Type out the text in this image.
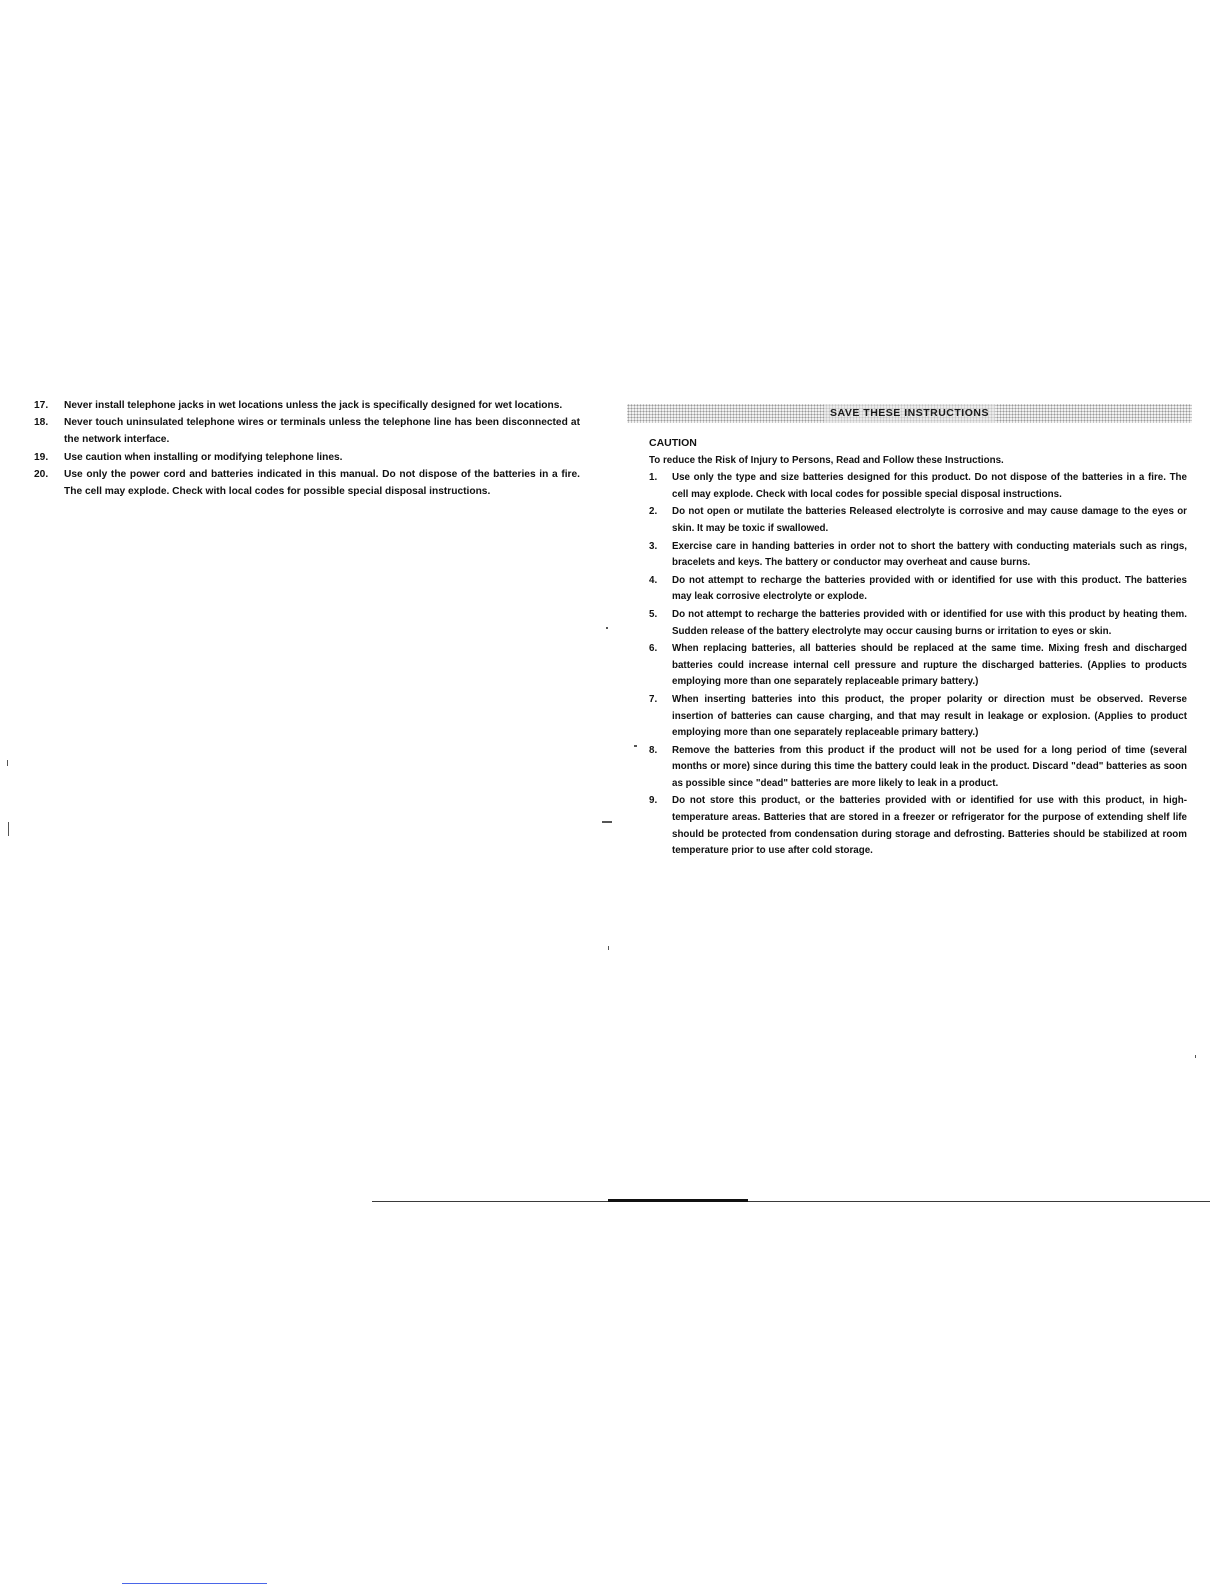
17. Never install telephone jacks in wet locations unless the jack is specifically designed for wet locations.
18. Never touch uninsulated telephone wires or terminals unless the telephone line has been disconnected at the network interface.
19. Use caution when installing or modifying telephone lines.
20. Use only the power cord and batteries indicated in this manual. Do not dispose of the batteries in a fire. The cell may explode. Check with local codes for possible special disposal instructions.
SAVE THESE INSTRUCTIONS
CAUTION
To reduce the Risk of Injury to Persons, Read and Follow these Instructions.
1. Use only the type and size batteries designed for this product. Do not dispose of the batteries in a fire. The cell may explode. Check with local codes for possible special disposal instructions.
2. Do not open or mutilate the batteries Released electrolyte is corrosive and may cause damage to the eyes or skin. It may be toxic if swallowed.
3. Exercise care in handing batteries in order not to short the battery with conducting materials such as rings, bracelets and keys. The battery or conductor may overheat and cause burns.
4. Do not attempt to recharge the batteries provided with or identified for use with this product. The batteries may leak corrosive electrolyte or explode.
5. Do not attempt to recharge the batteries provided with or identified for use with this product by heating them. Sudden release of the battery electrolyte may occur causing burns or irritation to eyes or skin.
6. When replacing batteries, all batteries should be replaced at the same time. Mixing fresh and discharged batteries could increase internal cell pressure and rupture the discharged batteries. (Applies to products employing more than one separately replaceable primary battery.)
7. When inserting batteries into this product, the proper polarity or direction must be observed. Reverse insertion of batteries can cause charging, and that may result in leakage or explosion. (Applies to product employing more than one separately replaceable primary battery.)
8. Remove the batteries from this product if the product will not be used for a long period of time (several months or more) since during this time the battery could leak in the product. Discard "dead" batteries as soon as possible since "dead" batteries are more likely to leak in a product.
9. Do not store this product, or the batteries provided with or identified for use with this product, in high-temperature areas. Batteries that are stored in a freezer or refrigerator for the purpose of extending shelf life should be protected from condensation during storage and defrosting. Batteries should be stabilized at room temperature prior to use after cold storage.
